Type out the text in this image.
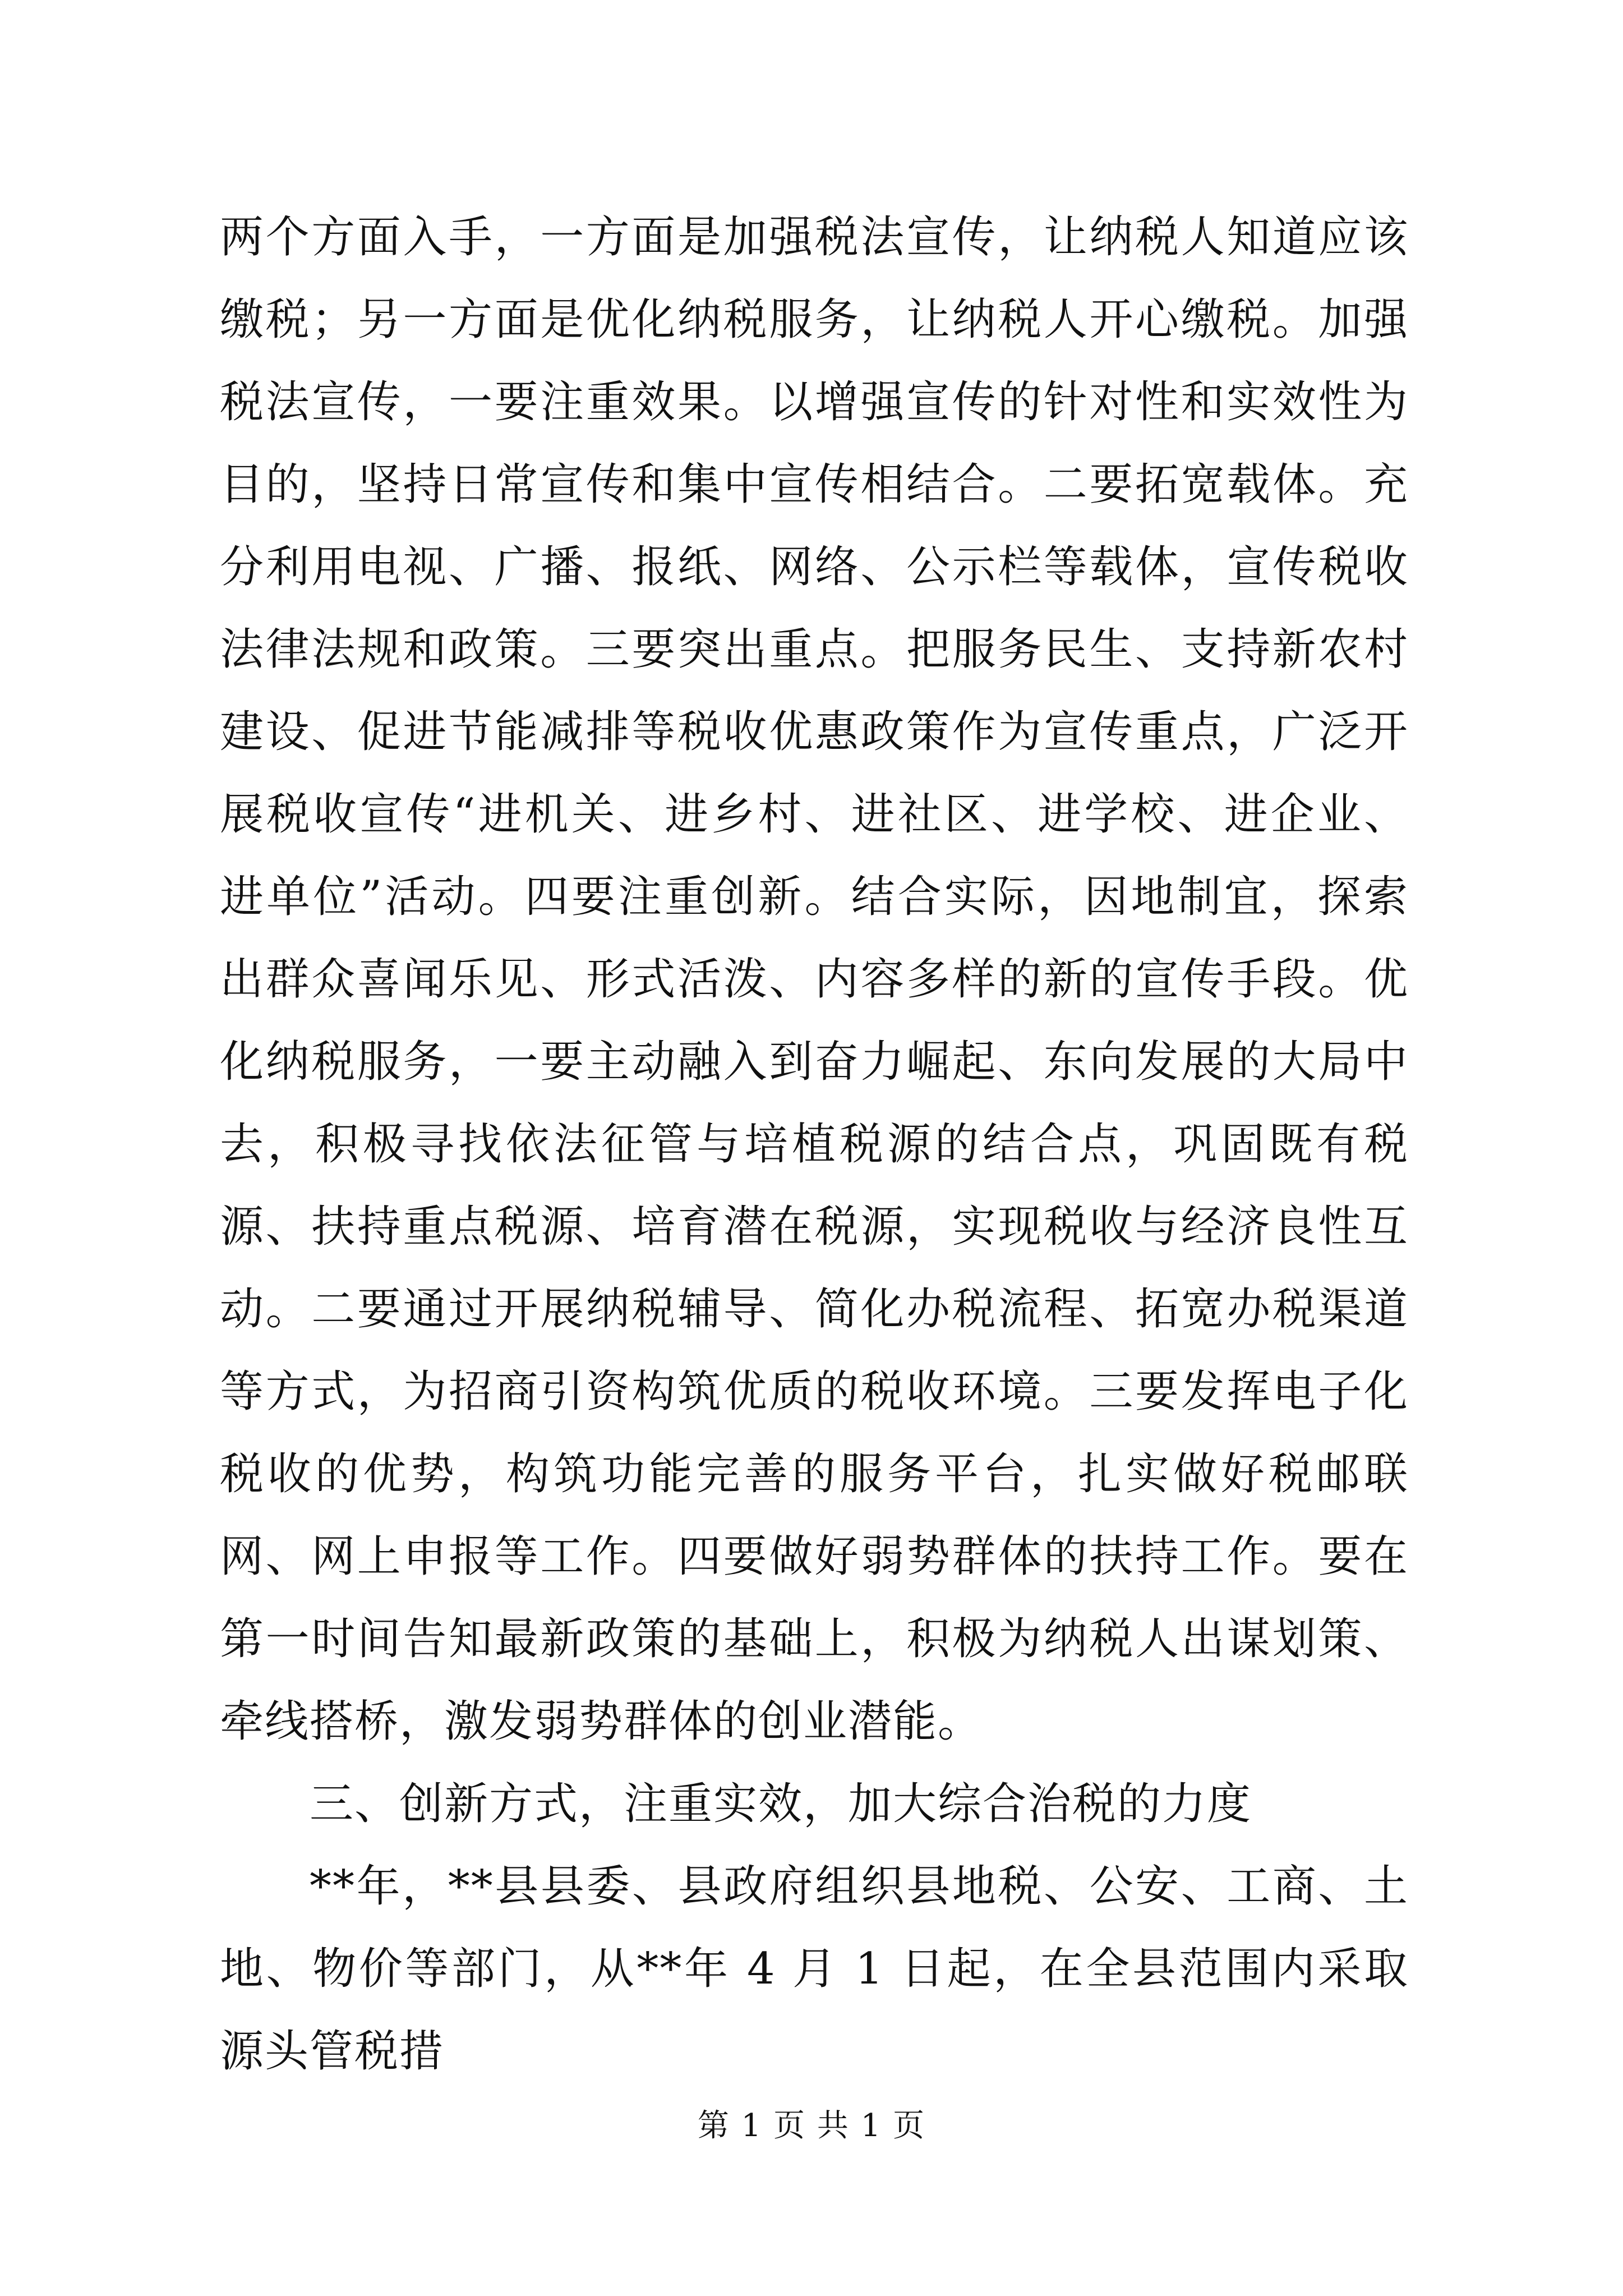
两个方面入手，一方面是加强税法宣传，让纳税人知道应该缴税；另一方面是优化纳税服务，让纳税人开心缴税。加强税法宣传，一要注重效果。以增强宣传的针对性和实效性为目的，坚持日常宣传和集中宣传相结合。二要拓宽载体。充分利用电视、广播、报纸、网络、公示栏等载体，宣传税收法律法规和政策。三要突出重点。把服务民生、支持新农村建设、促进节能减排等税收优惠政策作为宣传重点，广泛开展税收宣传“进机关、进乡村、进社区、进学校、进企业、进单位”活动。四要注重创新。结合实际，因地制宜，探索出群众喜闻乐见、形式活泼、内容多样的新的宣传手段。优化纳税服务，一要主动融入到奋力崛起、东向发展的大局中去，积极寻找依法征管与培植税源的结合点，巩固既有税源、扶持重点税源、培育潜在税源，实现税收与经济良性互动。二要通过开展纳税辅导、简化办税流程、拓宽办税渠道等方式，为招商引资构筑优质的税收环境。三要发挥电子化税收的优势，构筑功能完善的服务平台，扎实做好税邮联网、网上申报等工作。四要做好弱势群体的扶持工作。要在第一时间告知最新政策的基础上，积极为纳税人出谋划策、牵线搭桥，激发弱势群体的创业潜能。

三、创新方式，注重实效，加大综合治税的力度

**年，**县县委、县政府组织县地税、公安、工商、土地、物价等部门，从**年 4 月 1 日起，在全县范围内采取源头管税措

第 1 页 共 1 页
